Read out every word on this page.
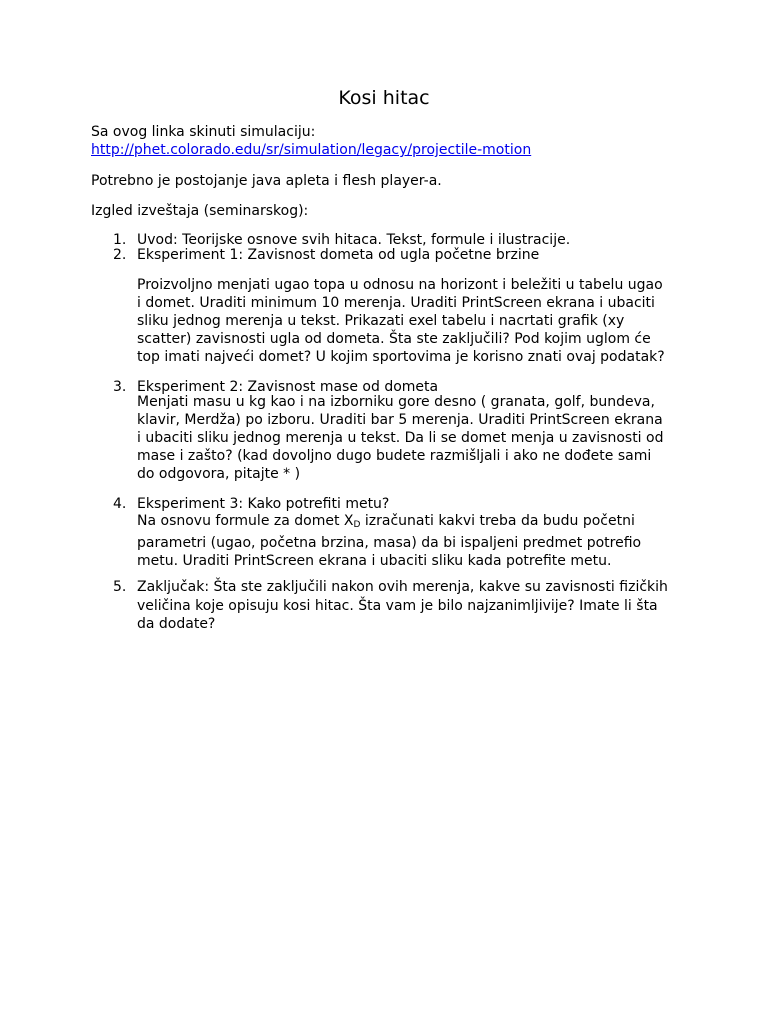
Kosi hitac
Sa ovog linka skinuti simulaciju:
http://phet.colorado.edu/sr/simulation/legacy/projectile-motion
Potrebno je postojanje java apleta i flesh player-a.
Izgled izveštaja (seminarskog):
1. Uvod: Teorijske osnove svih hitaca. Tekst, formule i ilustracije.
2. Eksperiment 1: Zavisnost dometa od ugla početne brzine
Proizvoljno menjati ugao topa u odnosu na horizont i beležiti u tabelu ugao
i domet. Uraditi minimum 10 merenja. Uraditi PrintScreen ekrana i ubaciti
sliku jednog merenja u tekst. Prikazati exel tabelu i nacrtati grafik (xy
scatter) zavisnosti ugla od dometa. Šta ste zaključili? Pod kojim uglom će
top imati najveći domet? U kojim sportovima je korisno znati ovaj podatak?
3. Eksperiment 2: Zavisnost mase od dometa
Menjati masu u kg kao i na izborniku gore desno ( granata, golf, bundeva,
klavir, Merdža) po izboru. Uraditi bar 5 merenja. Uraditi PrintScreen ekrana
i ubaciti sliku jednog merenja u tekst. Da li se domet menja u zavisnosti od
mase i zašto? (kad dovoljno dugo budete razmišljali i ako ne dođete sami
do odgovora, pitajte * )
4. Eksperiment 3: Kako potrefiti metu?
Na osnovu formule za domet $X_D$ izračunati kakvi treba da budu početni
parametri (ugao, početna brzina, masa) da bi ispaljeni predmet potrefio
metu. Uraditi PrintScreen ekrana i ubaciti sliku kada potrefite metu.
5. Zaključak: Šta ste zaključili nakon ovih merenja, kakve su zavisnosti fizičkih
veličina koje opisuju kosi hitac. Šta vam je bilo najzanimljivije? Imate li šta
da dodate?
